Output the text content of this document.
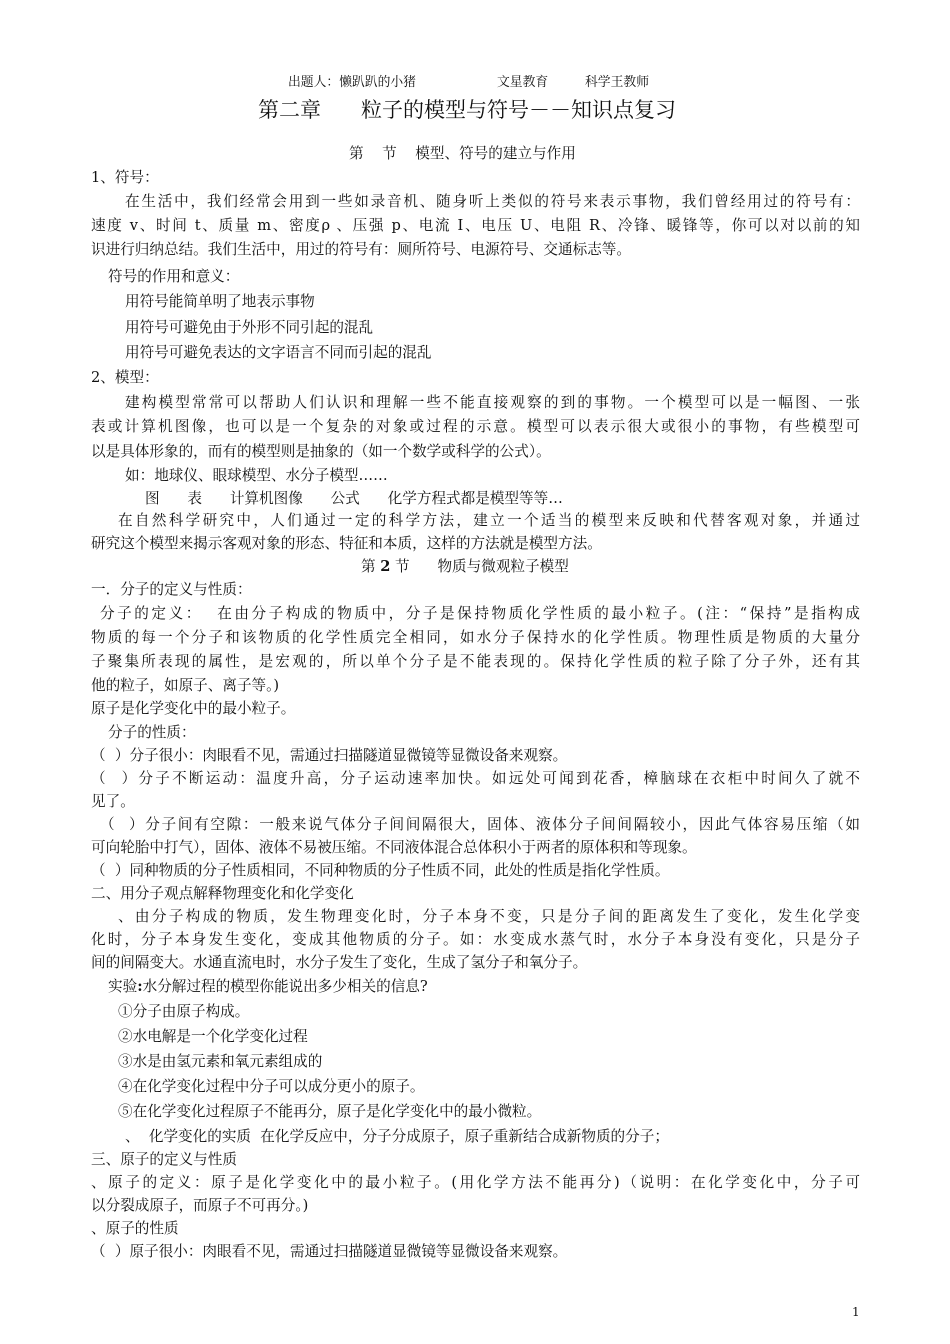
出题人：懒趴趴的小猪	文星教育	科学王教师
第二章      粒子的模型与符号－－知识点复习
第    节    模型、符号的建立与作用
1、符号：
在生活中，我们经常会用到一些如录音机、随身听上类似的符号来表示事物，我们曾经用过的符号有：
速度 v、时间 t、质量 m、密度ρ 、压强 p、电流 I、电压 U、电阻 R、冷锋、暖锋等，你可以对以前的知
识进行归纳总结。我们生活中，用过的符号有：厕所符号、电源符号、交通标志等。
符号的作用和意义：
用符号能简单明了地表示事物
用符号可避免由于外形不同引起的混乱
用符号可避免表达的文字语言不同而引起的混乱
2、模型：
建构模型常常可以帮助人们认识和理解一些不能直接观察的到的事物。一个模型可以是一幅图、一张
表或计算机图像，也可以是一个复杂的对象或过程的示意。模型可以表示很大或很小的事物，有些模型可
以是具体形象的，而有的模型则是抽象的（如一个数学或科学的公式）。
如：地球仪、眼球模型、水分子模型……
图      表      计算机图像      公式      化学方程式都是模型等等…
在自然科学研究中，人们通过一定的科学方法，建立一个适当的模型来反映和代替客观对象，并通过
研究这个模型来揭示客观对象的形态、特征和本质，这样的方法就是模型方法。
第 2 节      物质与微观粒子模型
一．分子的定义与性质：
分子的定义：  在由分子构成的物质中，分子是保持物质化学性质的最小粒子。(注：“保持”是指构成
物质的每一个分子和该物质的化学性质完全相同，如水分子保持水的化学性质。物理性质是物质的大量分
子聚集所表现的属性，是宏观的，所以单个分子是不能表现的。保持化学性质的粒子除了分子外，还有其
他的粒子，如原子、离子等。)
原子是化学变化中的最小粒子。
分子的性质：
（  ）分子很小：肉眼看不见，需通过扫描隧道显微镜等显微设备来观察。
（  ）分子不断运动：温度升高，分子运动速率加快。如远处可闻到花香，樟脑球在衣柜中时间久了就不
见了。
（  ）分子间有空隙：一般来说气体分子间间隔很大，固体、液体分子间间隔较小，因此气体容易压缩（如
可向轮胎中打气），固体、液体不易被压缩。不同液体混合总体积小于两者的原体积和等现象。
（  ）同种物质的分子性质相同，不同种物质的分子性质不同，此处的性质是指化学性质。
二、用分子观点解释物理变化和化学变化
、由分子构成的物质，发生物理变化时，分子本身不变，只是分子间的距离发生了变化，发生化学变
化时，分子本身发生变化，变成其他物质的分子。如：水变成水蒸气时，水分子本身没有变化，只是分子
间的间隔变大。水通直流电时，水分子发生了变化，生成了氢分子和氧分子。
实验:水分解过程的模型你能说出多少相关的信息?
①分子由原子构成。
②水电解是一个化学变化过程
③水是由氢元素和氧元素组成的
④在化学变化过程中分子可以成分更小的原子。
⑤在化学变化过程原子不能再分，原子是化学变化中的最小微粒。
、  化学变化的实质  在化学反应中，分子分成原子，原子重新结合成新物质的分子；
三、原子的定义与性质
、原子的定义：原子是化学变化中的最小粒子。(用化学方法不能再分)（说明：在化学变化中，分子可
以分裂成原子，而原子不可再分。)
、原子的性质
（  ）原子很小：肉眼看不见，需通过扫描隧道显微镜等显微设备来观察。
1
